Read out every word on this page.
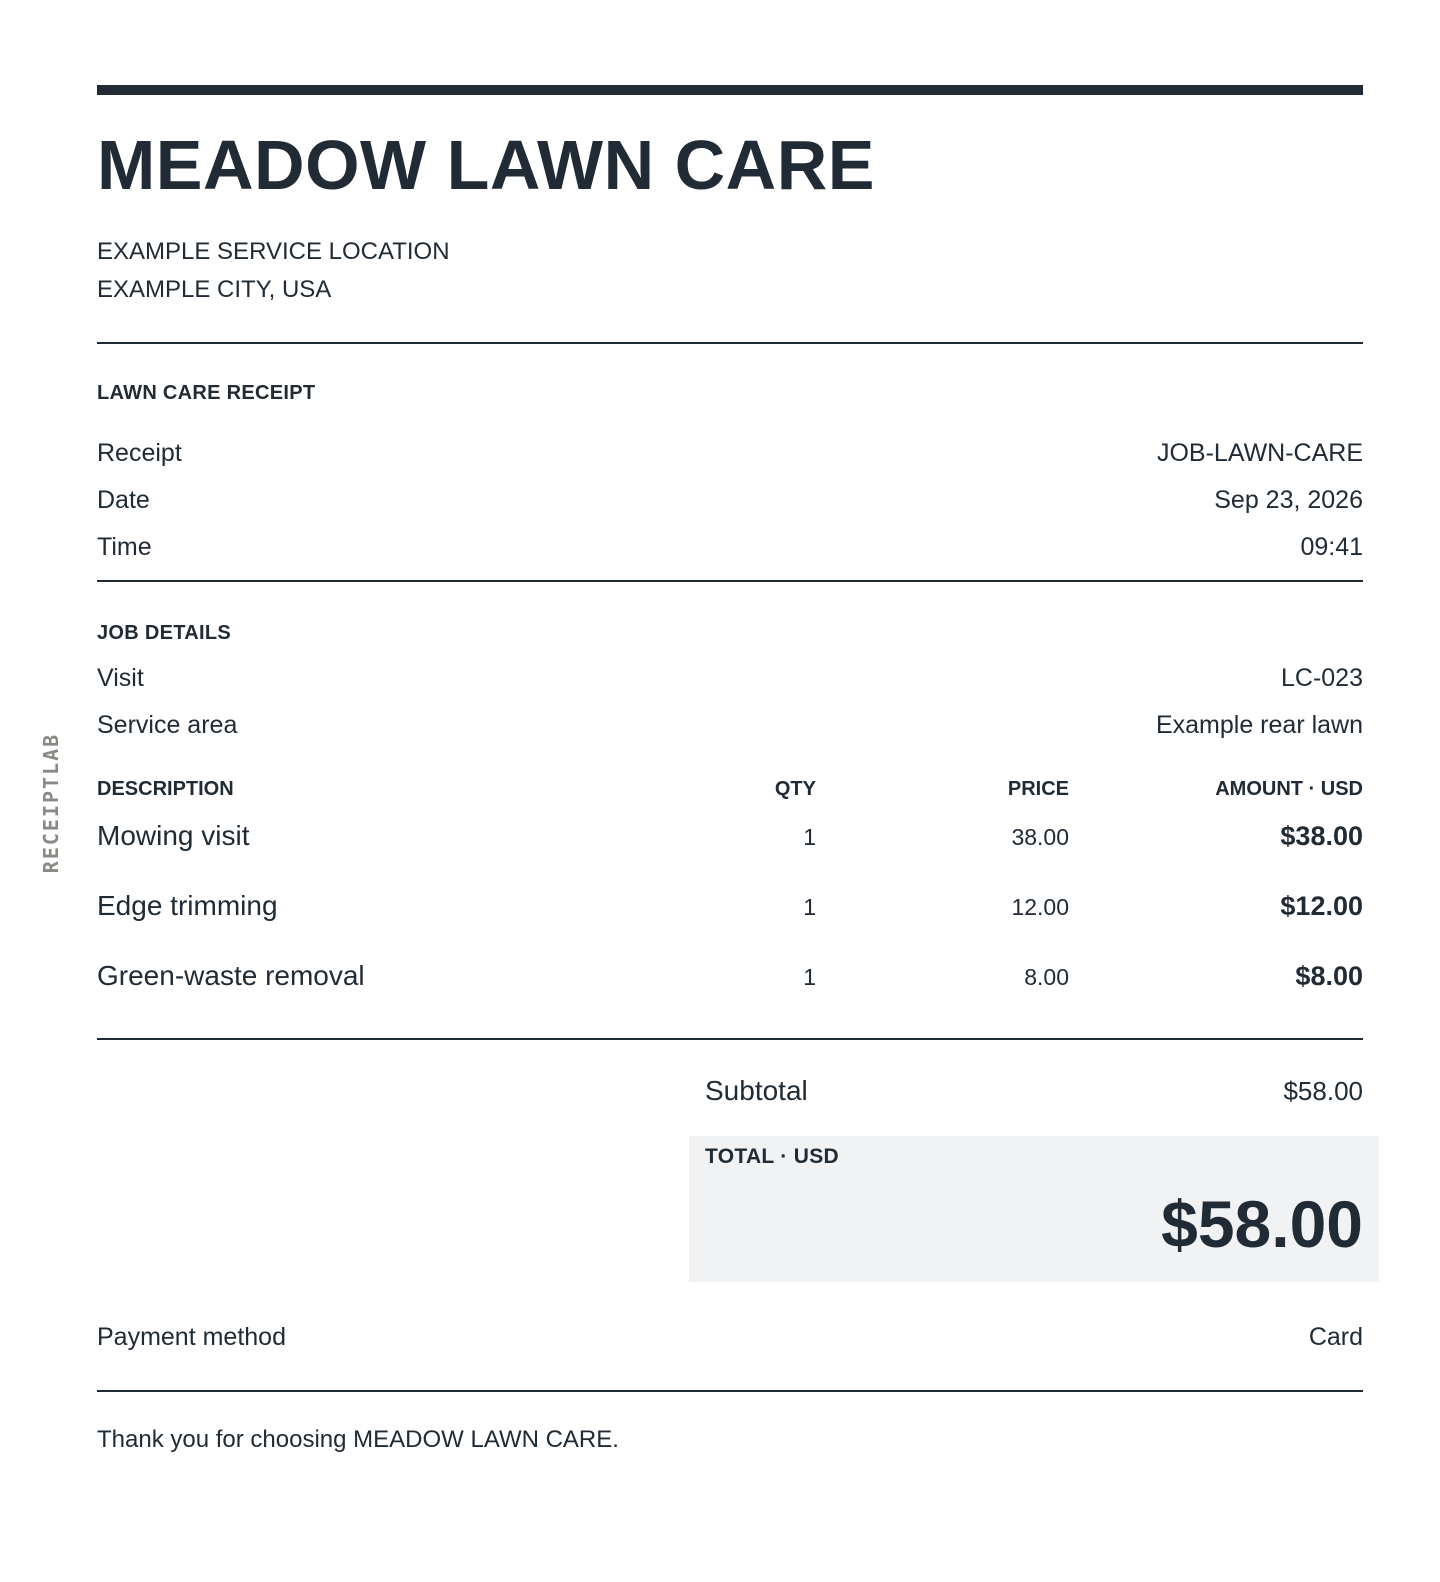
RECEIPTLAB
MEADOW LAWN CARE
EXAMPLE SERVICE LOCATION
EXAMPLE CITY, USA
LAWN CARE RECEIPT
Receipt	JOB-LAWN-CARE
Date	Sep 23, 2026
Time	09:41
JOB DETAILS
Visit	LC-023
Service area	Example rear lawn
DESCRIPTION	QTY	PRICE	AMOUNT · USD
Mowing visit	1	38.00	$38.00
Edge trimming	1	12.00	$12.00
Green-waste removal	1	8.00	$8.00
Subtotal	$58.00
TOTAL · USD
$58.00
Payment method	Card
Thank you for choosing MEADOW LAWN CARE.
